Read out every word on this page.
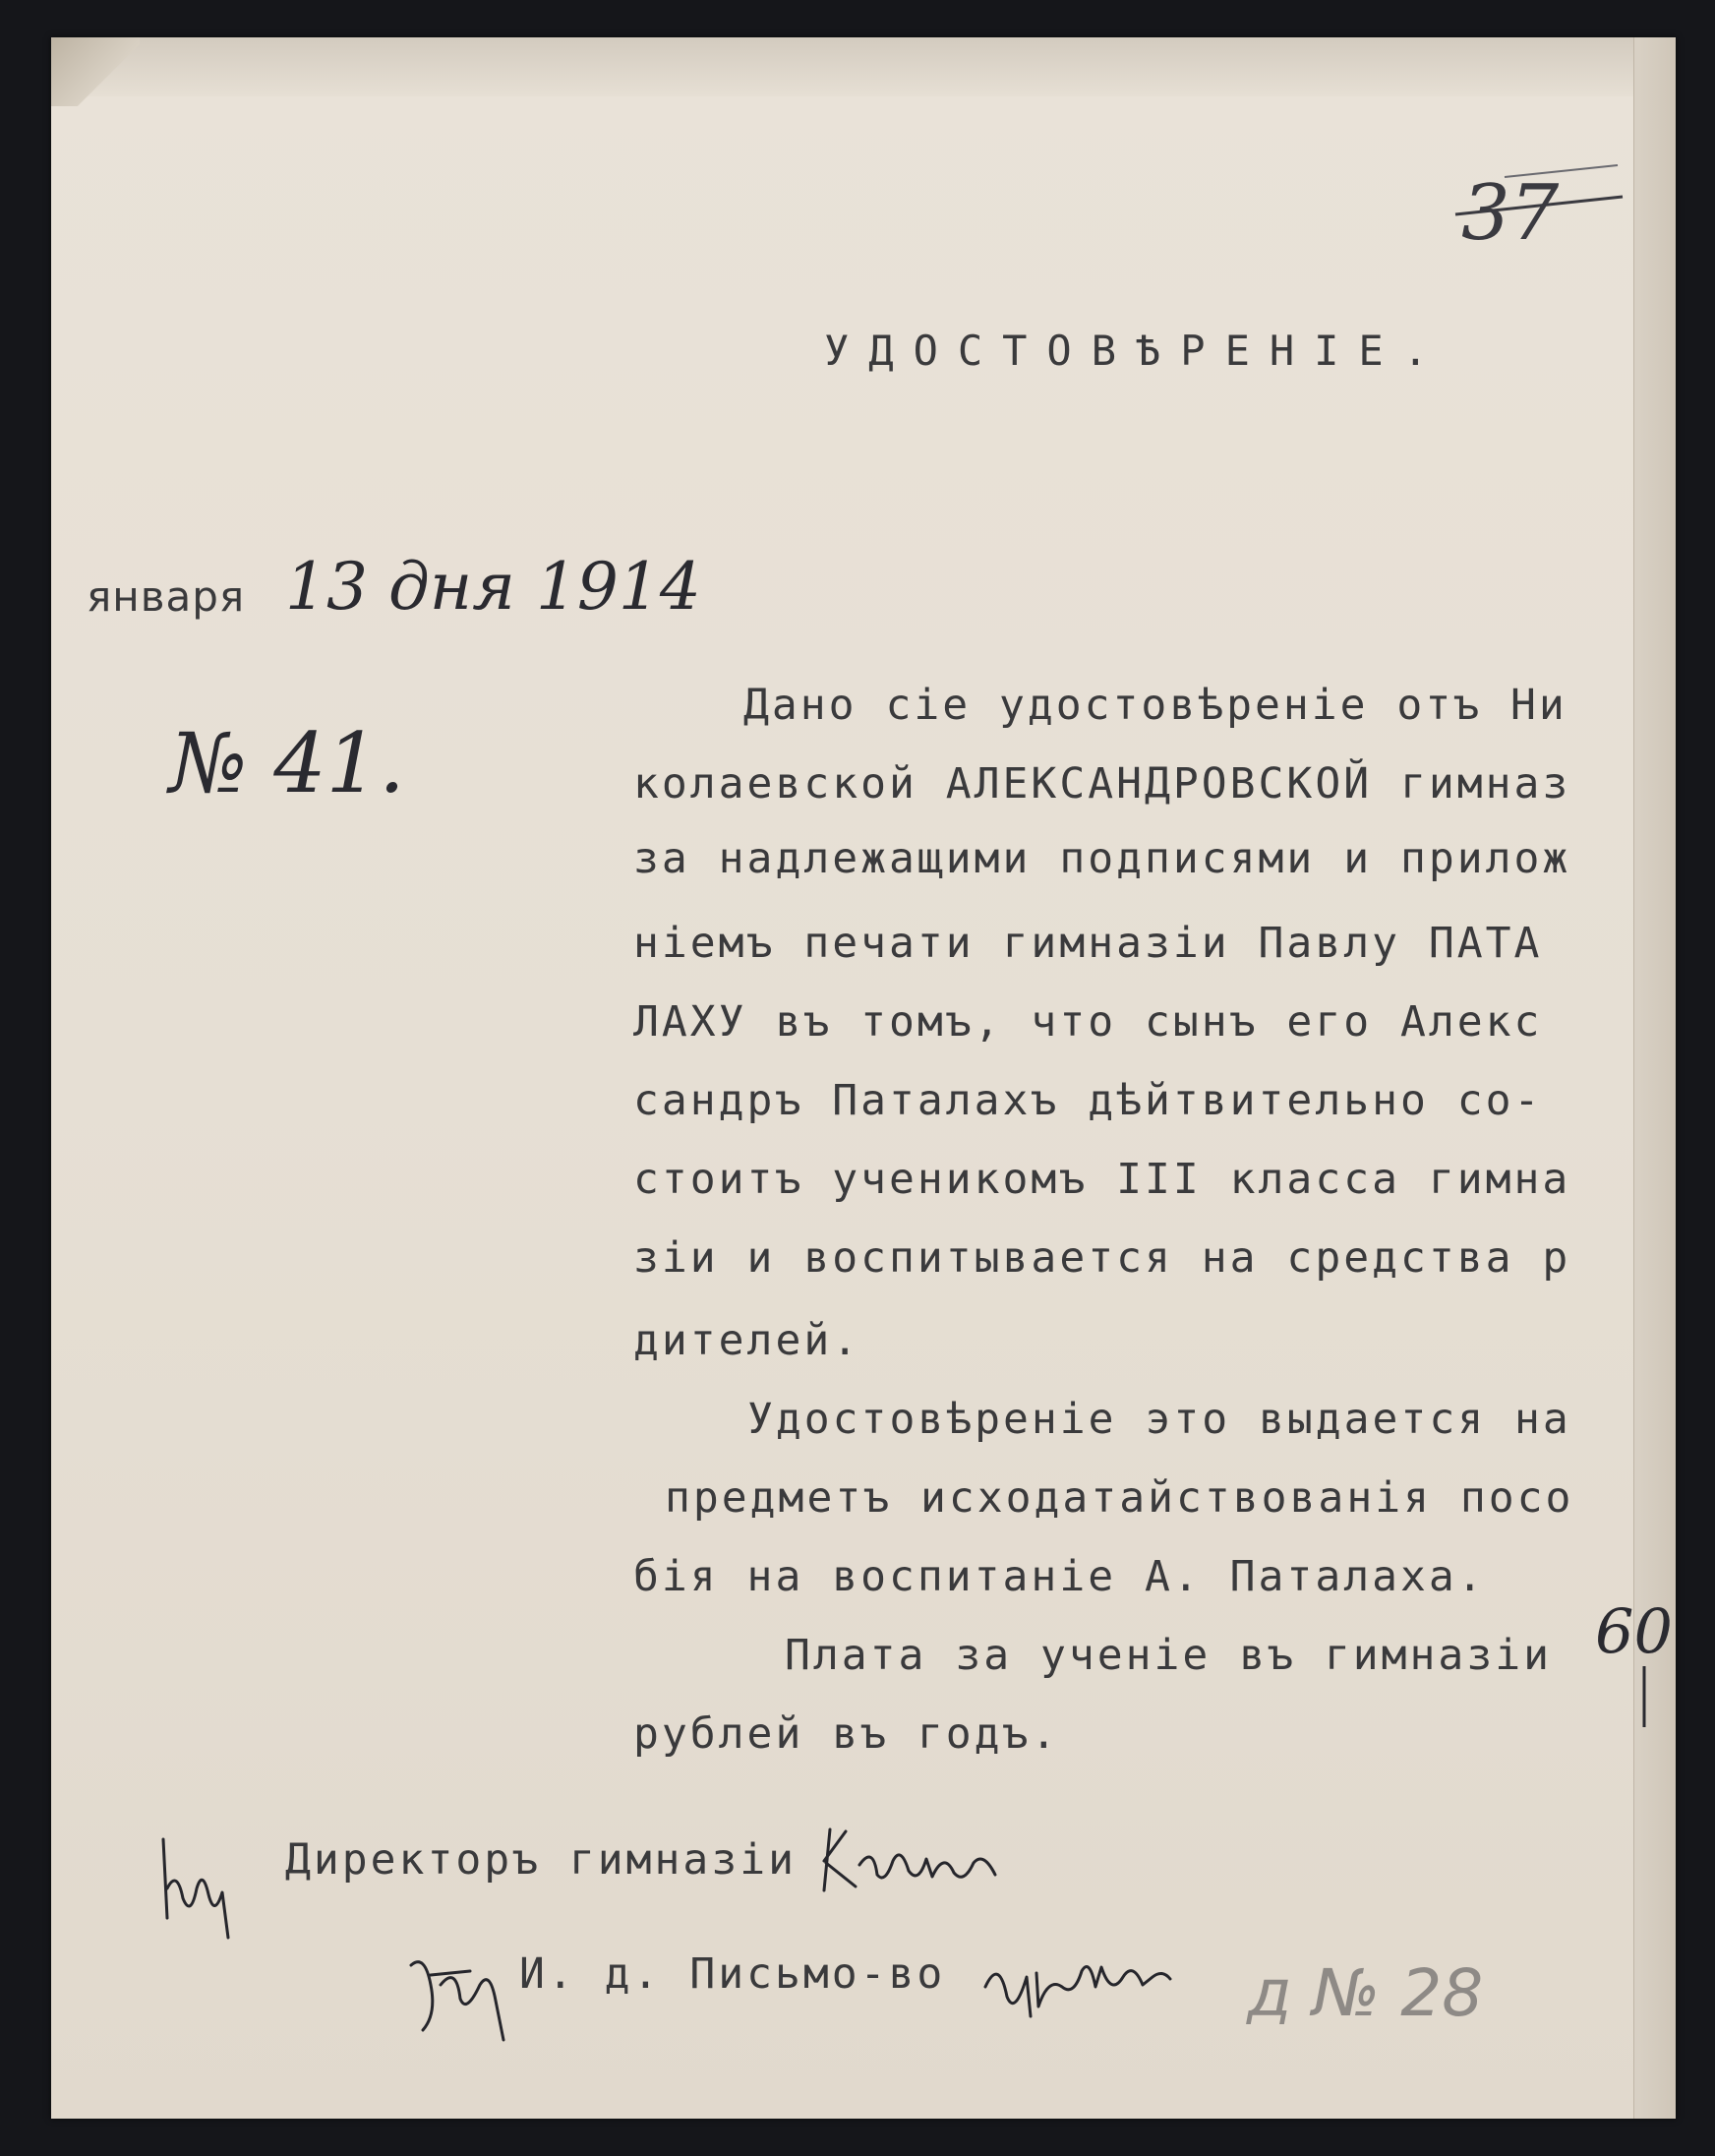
37
УДОСТОВѢРЕНІЕ.
января 13 дня 1914
№ 41.
Дано сіе удостовѣреніе отъ Ни
колаевской АЛЕКСАНДРОВСКОЙ гимназ
за надлежащими подписями и прилож
ніемъ печати гимназіи Павлу ПАТА
ЛАХУ въ томъ, что сынъ его Алекс
сандръ Паталахъ дѣйтвительно со-
стоитъ ученикомъ III класса гимна
зіи и воспитывается на средства р
дителей.
Удостовѣреніе это выдается на
предметъ исходатайствованія посо
бія на воспитаніе А. Паталаха.
Плата за ученіе въ гимназіи
рублей въ годъ.
60
Директоръ гимназіи
И. д. Письмо-во	д № 28
